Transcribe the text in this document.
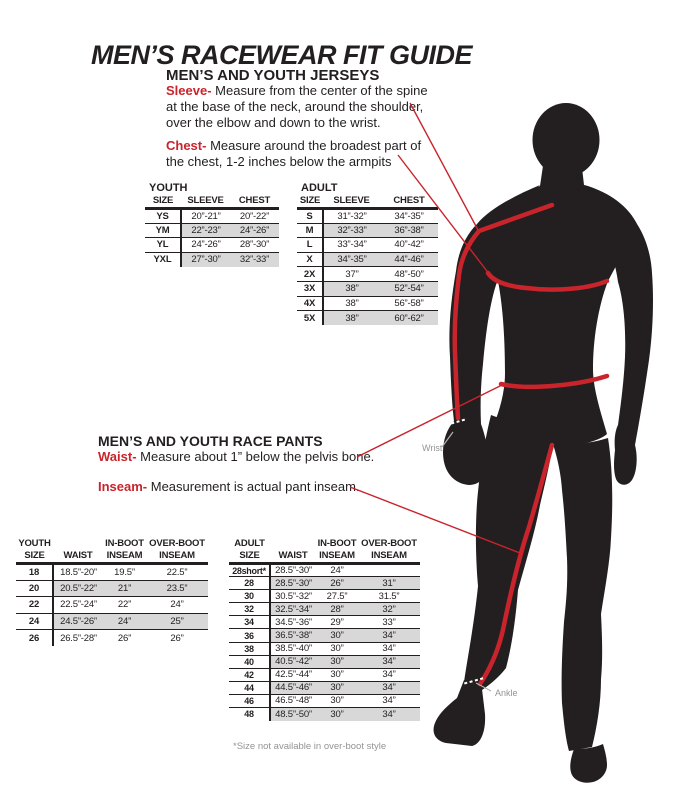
MEN’S RACEWEAR FIT GUIDE
MEN’S AND YOUTH JERSEYS

Sleeve- Measure from the center of the spine at the base of the neck, around the shoulder, over the elbow and down to the wrist.

Chest- Measure around the broadest part of the chest, 1-2 inches below the armpits

YOUTH
SIZE	SLEEVE	CHEST
YS	20”-21”	20”-22”
YM	22”-23”	24”-26”
YL	24”-26”	28”-30”
YXL	27”-30”	32”-33”
ADULT
SIZE	SLEEVE	CHEST
S	31”-32”	34”-35”
M	32”-33”	36”-38”
L	33”-34”	40”-42”
X	34”-35”	44”-46”
2X	37”	48”-50”
3X	38”	52”-54”
4X	38”	56”-58”
5X	38”	60”-62”
MEN’S AND YOUTH RACE PANTS

Waist- Measure about 1” below the pelvis bone.

Inseam- Measurement is actual pant inseam.

YOUTH		IN-BOOT	OVER-BOOT
SIZE	WAIST	INSEAM	INSEAM
18	18.5”-20”	19.5”	22.5”
20	20.5”-22”	21”	23.5”
22	22.5”-24”	22”	24”
24	24.5”-26”	24”	25”
26	26.5”-28”	26”	26”
ADULT		IN-BOOT	OVER-BOOT
SIZE	WAIST	INSEAM	INSEAM
28short*	28.5”-30”	24”	
28	28.5”-30”	26”	31”
30	30.5”-32”	27.5”	31.5”
32	32.5”-34”	28”	32”
34	34.5”-36”	29”	33”
36	36.5”-38”	30”	34”
38	38.5”-40”	30”	34”
40	40.5”-42”	30”	34”
42	42.5”-44”	30”	34”
44	44.5”-46”	30”	34”
46	46.5”-48”	30”	34”
48	48.5”-50”	30”	34”
*Size not available in over-boot style
Wrist
Ankle
